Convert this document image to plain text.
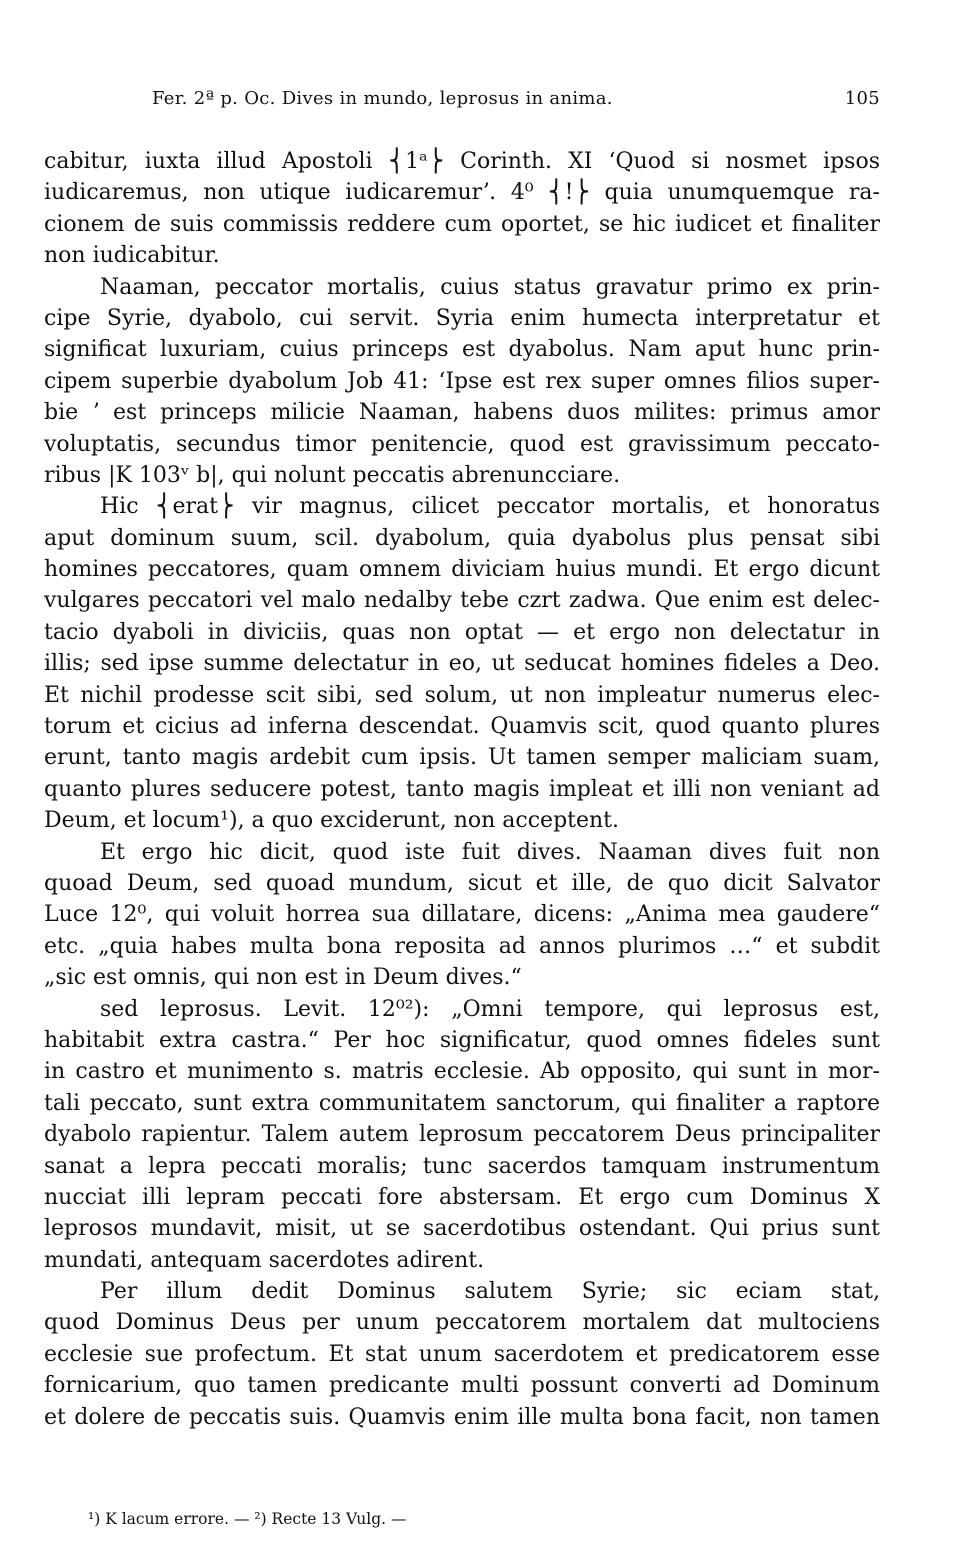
Fer. 2ª p. Oc. Dives in mundo, leprosus in anima.	105
cabitur, iuxta illud Apostoli ⎨1ᵃ⎬ Corinth. XI ʻQuod si nosmet ipsos
iudicaremus, non utique iudicaremurʼ. 4⁰ ⎨!⎬ quia unumquemque ra-
cionem de suis commissis reddere cum oportet, se hic iudicet et finaliter
non iudicabitur.
Naaman, peccator mortalis, cuius status gravatur primo ex prin-
cipe Syrie, dyabolo, cui servit. Syria enim humecta interpretatur et
significat luxuriam, cuius princeps est dyabolus. Nam aput hunc prin-
cipem superbie dyabolum Job 41: ʻIpse est rex super omnes filios super-
bie ʼ est princeps milicie Naaman, habens duos milites: primus amor
voluptatis, secundus timor penitencie, quod est gravissimum peccato-
ribus |K 103ᵛ b|, qui nolunt peccatis abrenuncciare.
Hic ⎨erat⎬ vir magnus, cilicet peccator mortalis, et honoratus
aput dominum suum, scil. dyabolum, quia dyabolus plus pensat sibi
homines peccatores, quam omnem diviciam huius mundi. Et ergo dicunt
vulgares peccatori vel malo nedalby tebe czrt zadwa. Que enim est delec-
tacio dyaboli in diviciis, quas non optat — et ergo non delectatur in
illis; sed ipse summe delectatur in eo, ut seducat homines fideles a Deo.
Et nichil prodesse scit sibi, sed solum, ut non impleatur numerus elec-
torum et cicius ad inferna descendat. Quamvis scit, quod quanto plures
erunt, tanto magis ardebit cum ipsis. Ut tamen semper maliciam suam,
quanto plures seducere potest, tanto magis impleat et illi non veniant ad
Deum, et locum¹), a quo exciderunt, non acceptent.
Et ergo hic dicit, quod iste fuit dives. Naaman dives fuit non
quoad Deum, sed quoad mundum, sicut et ille, de quo dicit Salvator
Luce 12⁰, qui voluit horrea sua dillatare, dicens: „Anima mea gaudere“
etc. „quia habes multa bona reposita ad annos plurimos …“ et subdit
„sic est omnis, qui non est in Deum dives.“
sed leprosus. Levit. 12⁰²): „Omni tempore, qui leprosus est,
habitabit extra castra.“ Per hoc significatur, quod omnes fideles sunt
in castro et munimento s. matris ecclesie. Ab opposito, qui sunt in mor-
tali peccato, sunt extra communitatem sanctorum, qui finaliter a raptore
dyabolo rapientur. Talem autem leprosum peccatorem Deus principaliter
sanat a lepra peccati moralis; tunc sacerdos tamquam instrumentum
nucciat illi lepram peccati fore abstersam. Et ergo cum Dominus X
leprosos mundavit, misit, ut se sacerdotibus ostendant. Qui prius sunt
mundati, antequam sacerdotes adirent.
Per illum dedit Dominus salutem Syrie; sic eciam stat,
quod Dominus Deus per unum peccatorem mortalem dat multociens
ecclesie sue profectum. Et stat unum sacerdotem et predicatorem esse
fornicarium, quo tamen predicante multi possunt converti ad Dominum
et dolere de peccatis suis. Quamvis enim ille multa bona facit, non tamen
¹) K lacum errore. — ²) Recte 13 Vulg. —
